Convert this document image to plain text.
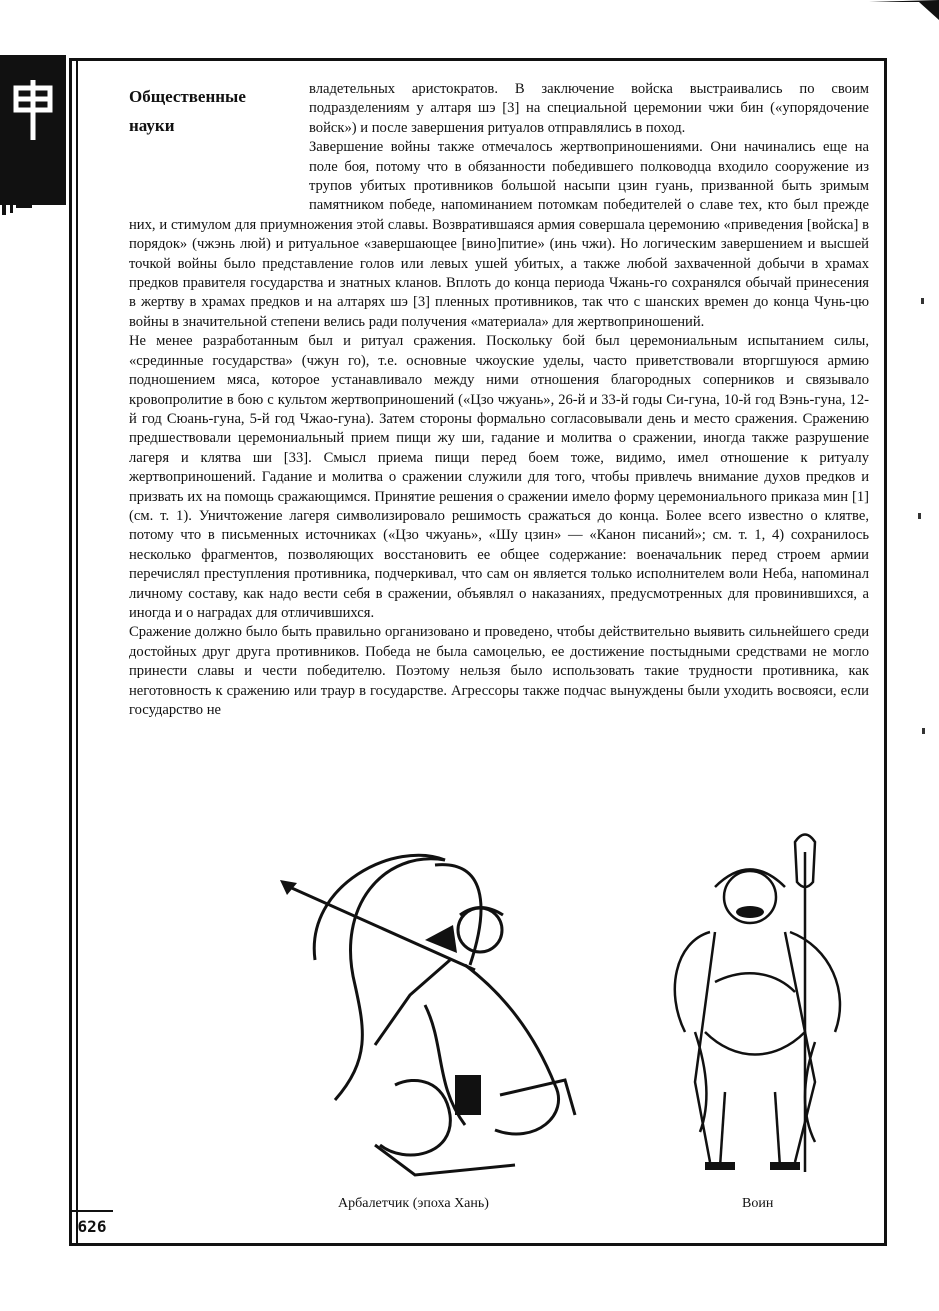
Общественные
науки

владетельных аристократов. В заключение войска выстраивались по своим подразделениям у алтаря шэ [3] на специальной церемонии чжи бин («упорядочение войск») и после завершения ритуалов отправлялись в поход.

Завершение войны также отмечалось жертвоприношениями. Они начинались еще на поле боя, потому что в обязанности победившего полководца входило сооружение из трупов убитых противников большой насыпи цзин гуань, призванной быть зримым памятником победе, напоминанием потомкам победителей о славе тех, кто был прежде них, и стимулом для приумножения этой славы. Возвратившаяся армия совершала церемонию «приведения [войска] в порядок» (чжэнь люй) и ритуальное «завершающее [вино]питие» (инь чжи). Но логическим завершением и высшей точкой войны было представление голов или левых ушей убитых, а также любой захваченной добычи в храмах предков правителя государства и знатных кланов. Вплоть до конца периода Чжань-го сохранялся обычай принесения в жертву в храмах предков и на алтарях шэ [3] пленных противников, так что с шанских времен до конца Чунь-цю войны в значительной степени велись ради получения «материала» для жертвоприношений.

Не менее разработанным был и ритуал сражения. Поскольку бой был церемониальным испытанием силы, «срединные государства» (чжун го), т.е. основные чжоуские уделы, часто приветствовали вторгшуюся армию подношением мяса, которое устанавливало между ними отношения благородных соперников и связывало кровопролитие в бою с культом жертвоприношений («Цзо чжуань», 26-й и 33-й годы Си-гуна, 10-й год Вэнь-гуна, 12-й год Сюань-гуна, 5-й год Чжао-гуна). Затем стороны формально согласовывали день и место сражения. Сражению предшествовали церемониальный прием пищи жу ши, гадание и молитва о сражении, иногда также разрушение лагеря и клятва ши [33]. Смысл приема пищи перед боем тоже, видимо, имел отношение к ритуалу жертвоприношений. Гадание и молитва о сражении служили для того, чтобы привлечь внимание духов предков и призвать их на помощь сражающимся. Принятие решения о сражении имело форму церемониального приказа мин [1] (см. т. 1). Уничтожение лагеря символизировало решимость сражаться до конца. Более всего известно о клятве, потому что в письменных источниках («Цзо чжуань», «Шу цзин» — «Канон писаний»; см. т. 1, 4) сохранилось несколько фрагментов, позволяющих восстановить ее общее содержание: военачальник перед строем армии перечислял преступления противника, подчеркивал, что сам он является только исполнителем воли Неба, напоминал личному составу, как надо вести себя в сражении, объявлял о наказаниях, предусмотренных для провинившихся, а иногда и о наградах для отличившихся.

Сражение должно было быть правильно организовано и проведено, чтобы действительно выявить сильнейшего среди достойных друг друга противников. Победа не была самоцелью, ее достижение постыдными средствами не могло принести славы и чести победителю. Поэтому нельзя было использовать такие трудности противника, как неготовность к сражению или траур в государстве. Агрессоры также подчас вынуждены были уходить восвояси, если государство не

Арбалетчик (эпоха Хань)	Воин
626
